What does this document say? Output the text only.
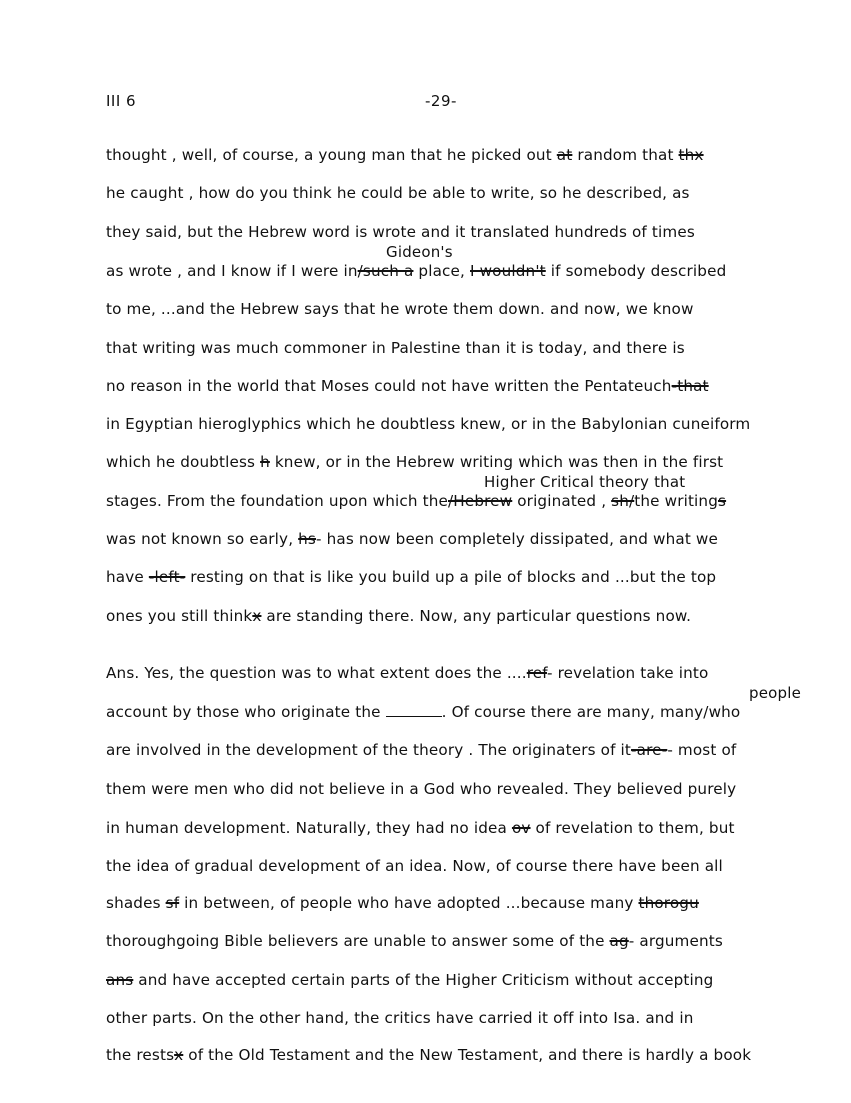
III 6	-29-
thought , well, of course, a young man that he picked out at random that thx
he caught , how do you think he could be able to write, so he described, as
they said, but the Hebrew word is wrote and it translated hundreds of times
Gideon's
as wrote , and I know if I were in/such a place, I wouldn't if somebody described
to me, ...and the Hebrew says that he wrote them down. and now, we know
that writing was much commoner in Palestine than it is today, and there is
no reason in the world that Moses could not have written the Pentateuch-that
in Egyptian hieroglyphics which he doubtless knew, or in the Babylonian cuneiform
which he doubtless h knew, or in the Hebrew writing which was then in the first
Higher Critical theory that
stages. From the foundation upon which the/Hebrew originated , sh/the writings
was not known so early, hs- has now been completely dissipated, and what we
have -left- resting on that is like you build up a pile of blocks and ...but the top
ones you still thinkx are standing there. Now, any particular questions now.
Ans. Yes, the question was to what extent does the ....ref- revelation take into
people
account by those who originate the	. Of course there are many, many/who
are involved in the development of the theory . The originaters of it-are-- most of
them were men who did not believe in a God who revealed. They believed purely
in human development. Naturally, they had no idea ov of revelation to them, but
the idea of gradual development of an idea. Now, of course there have been all
shades sf in between, of people who have adopted ...because many thorogu
thoroughgoing Bible believers are unable to answer some of the ag- arguments
ans and have accepted certain parts of the Higher Criticism without accepting
other parts. On the other hand, the critics have carried it off into Isa. and in
the restsx of the Old Testament and the New Testament, and there is hardly a book
